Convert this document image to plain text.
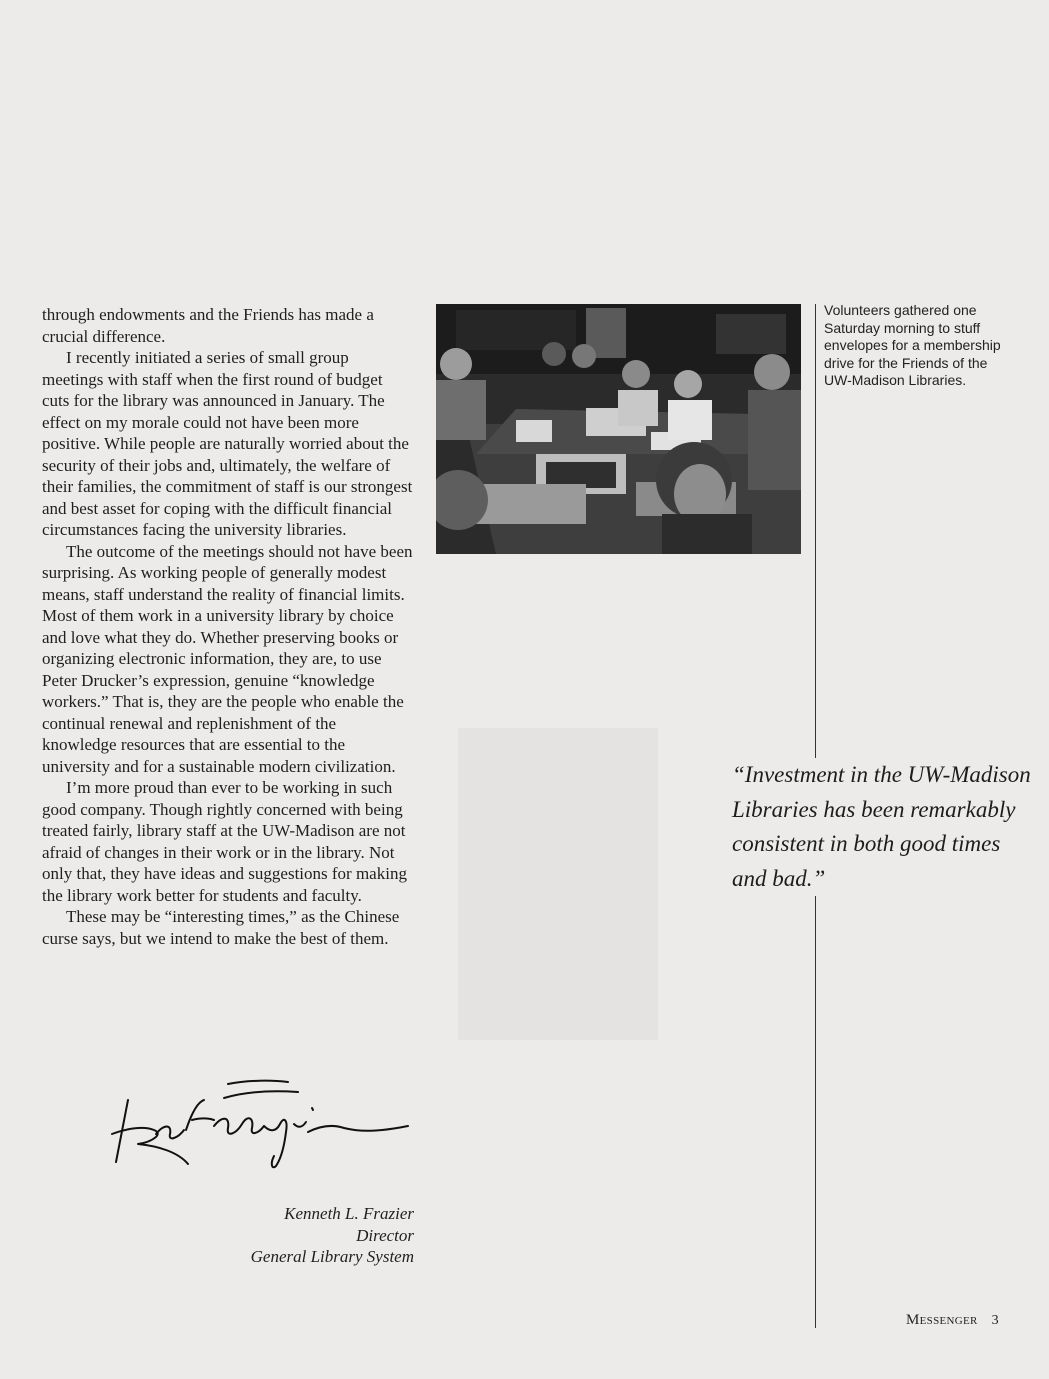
through endowments and the Friends has made a crucial difference.

I recently initiated a series of small group meetings with staff when the first round of budget cuts for the library was announced in January. The effect on my morale could not have been more positive. While people are naturally worried about the security of their jobs and, ultimately, the welfare of their families, the commitment of staff is our strongest and best asset for coping with the difficult financial circumstances facing the university libraries.

The outcome of the meetings should not have been surprising. As working people of generally modest means, staff understand the reality of financial limits. Most of them work in a university library by choice and love what they do. Whether preserving books or organizing electronic information, they are, to use Peter Drucker’s expression, genuine “knowledge workers.” That is, they are the people who enable the continual renewal and replenishment of the knowledge resources that are essential to the university and for a sustainable modern civilization.

I’m more proud than ever to be working in such good company. Though rightly concerned with being treated fairly, library staff at the UW-Madison are not afraid of changes in their work or in the library. Not only that, they have ideas and suggestions for making the library work better for students and faculty.

These may be “interesting times,” as the Chinese curse says, but we intend to make the best of them.

Kenneth L. Frazier
Director
General Library System
Volunteers gathered one Saturday morning to stuff envelopes for a membership drive for the Friends of the UW-Madison Libraries.
“Investment in the UW-Madison Libraries has been remarkably consistent in both good times and bad.”
Messenger 3
